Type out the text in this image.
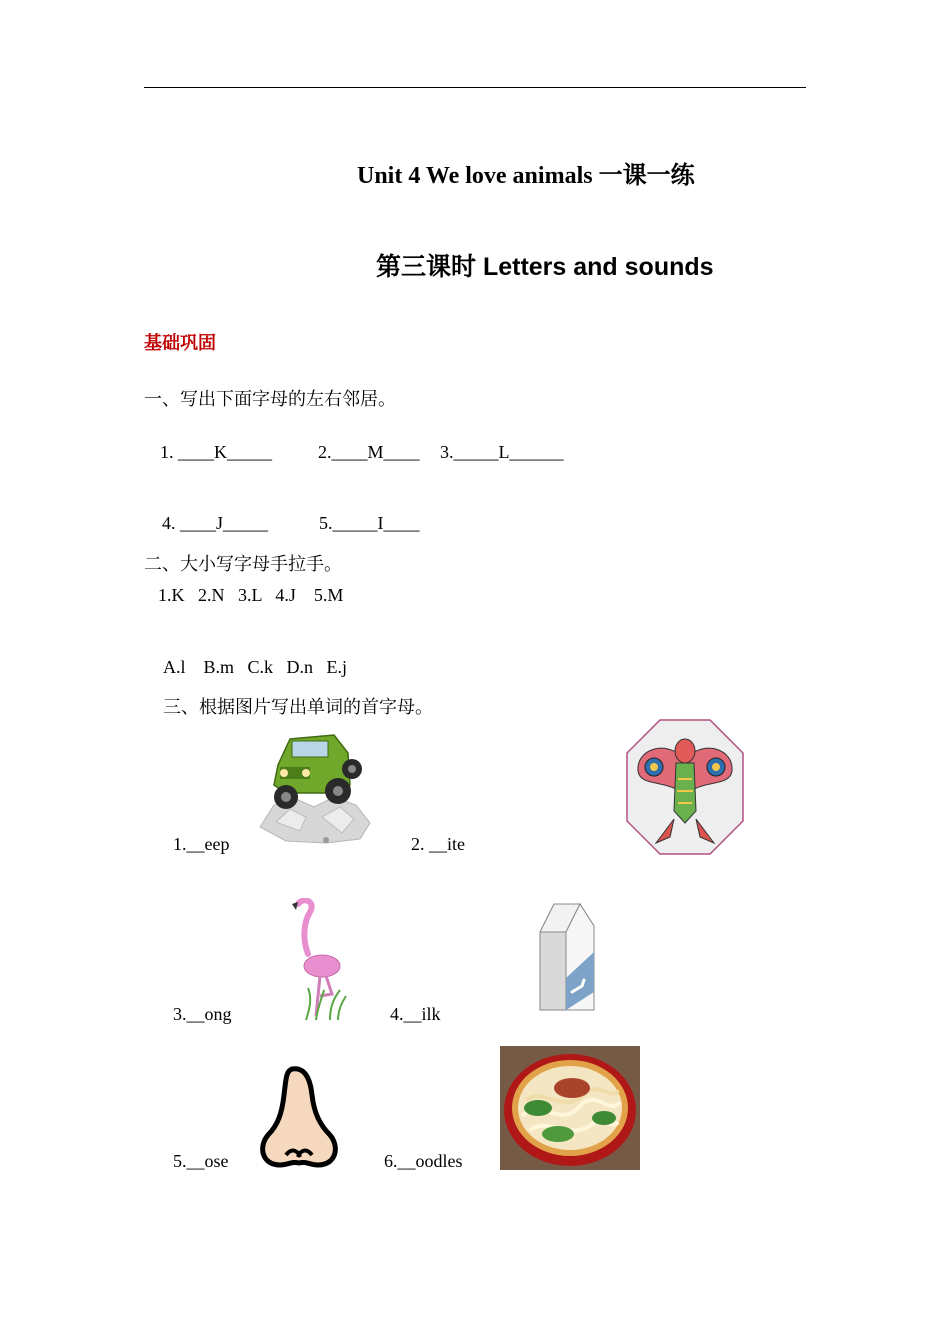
Unit 4 We love animals 一课一练
第三课时 Letters and sounds
基础巩固
一、写出下面字母的左右邻居。
1. ____K_____	2.____M____ 3._____L______
4. ____J_____	5._____I____
二、大小写字母手拉手。
1.K   2.N   3.L   4.J    5.M
A.l    B.m   C.k   D.n   E.j
三、根据图片写出单词的首字母。
1.__eep	2. __ite
3.__ong	4.__ilk
5.__ose	6.__oodles
